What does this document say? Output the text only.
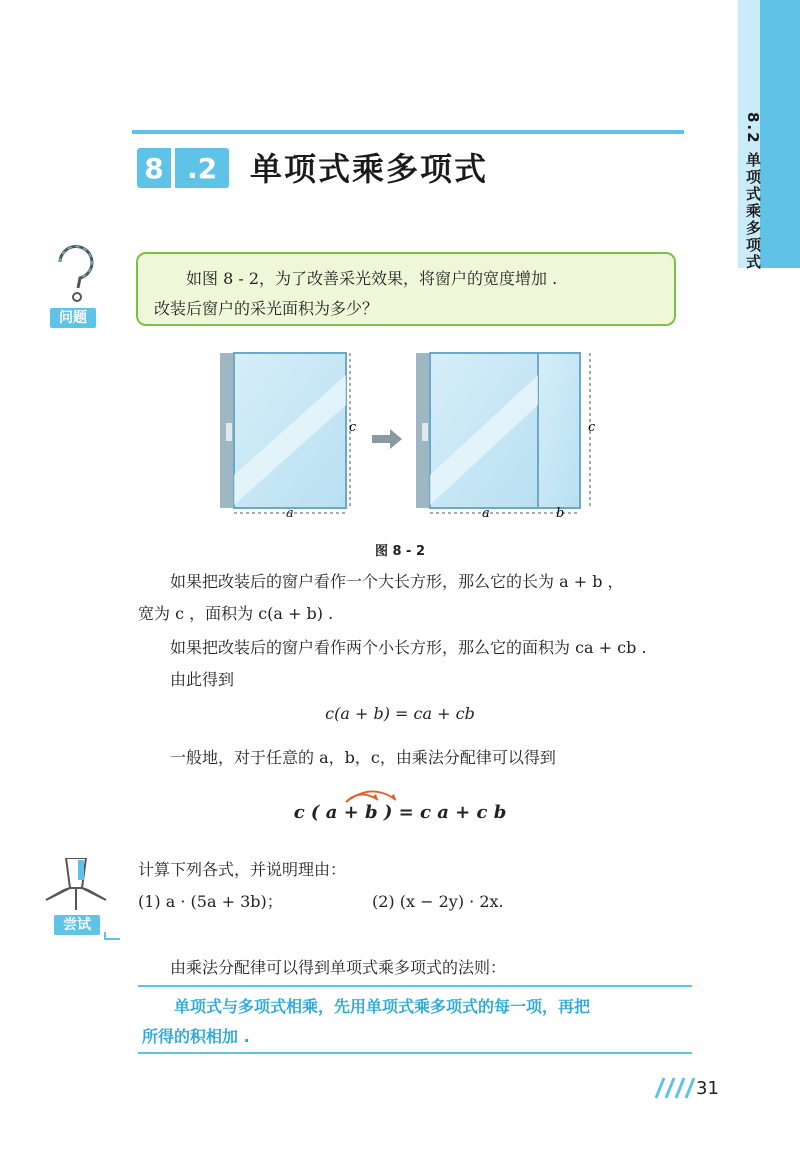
8.2 单项式乘多项式
8 .2	单项式乘多项式
问题
如图 8 - 2，为了改善采光效果，将窗户的宽度增加 .
改装后窗户的采光面积为多少？
c
a
c
a	b
图 8 - 2
如果把改装后的窗户看作一个大长方形，那么它的长为 a + b ，
宽为 c ，面积为 c(a + b) .
如果把改装后的窗户看作两个小长方形，那么它的面积为 ca + cb .
由此得到
c(a + b) = ca + cb
一般地，对于任意的 a，b，c，由乘法分配律可以得到
c ( a + b ) = c a + c b
尝试
计算下列各式，并说明理由：
(1) a · (5a + 3b)；	(2) (x − 2y) · 2x.
由乘法分配律可以得到单项式乘多项式的法则：
单项式与多项式相乘，先用单项式乘多项式的每一项，再把
所得的积相加 .
31
